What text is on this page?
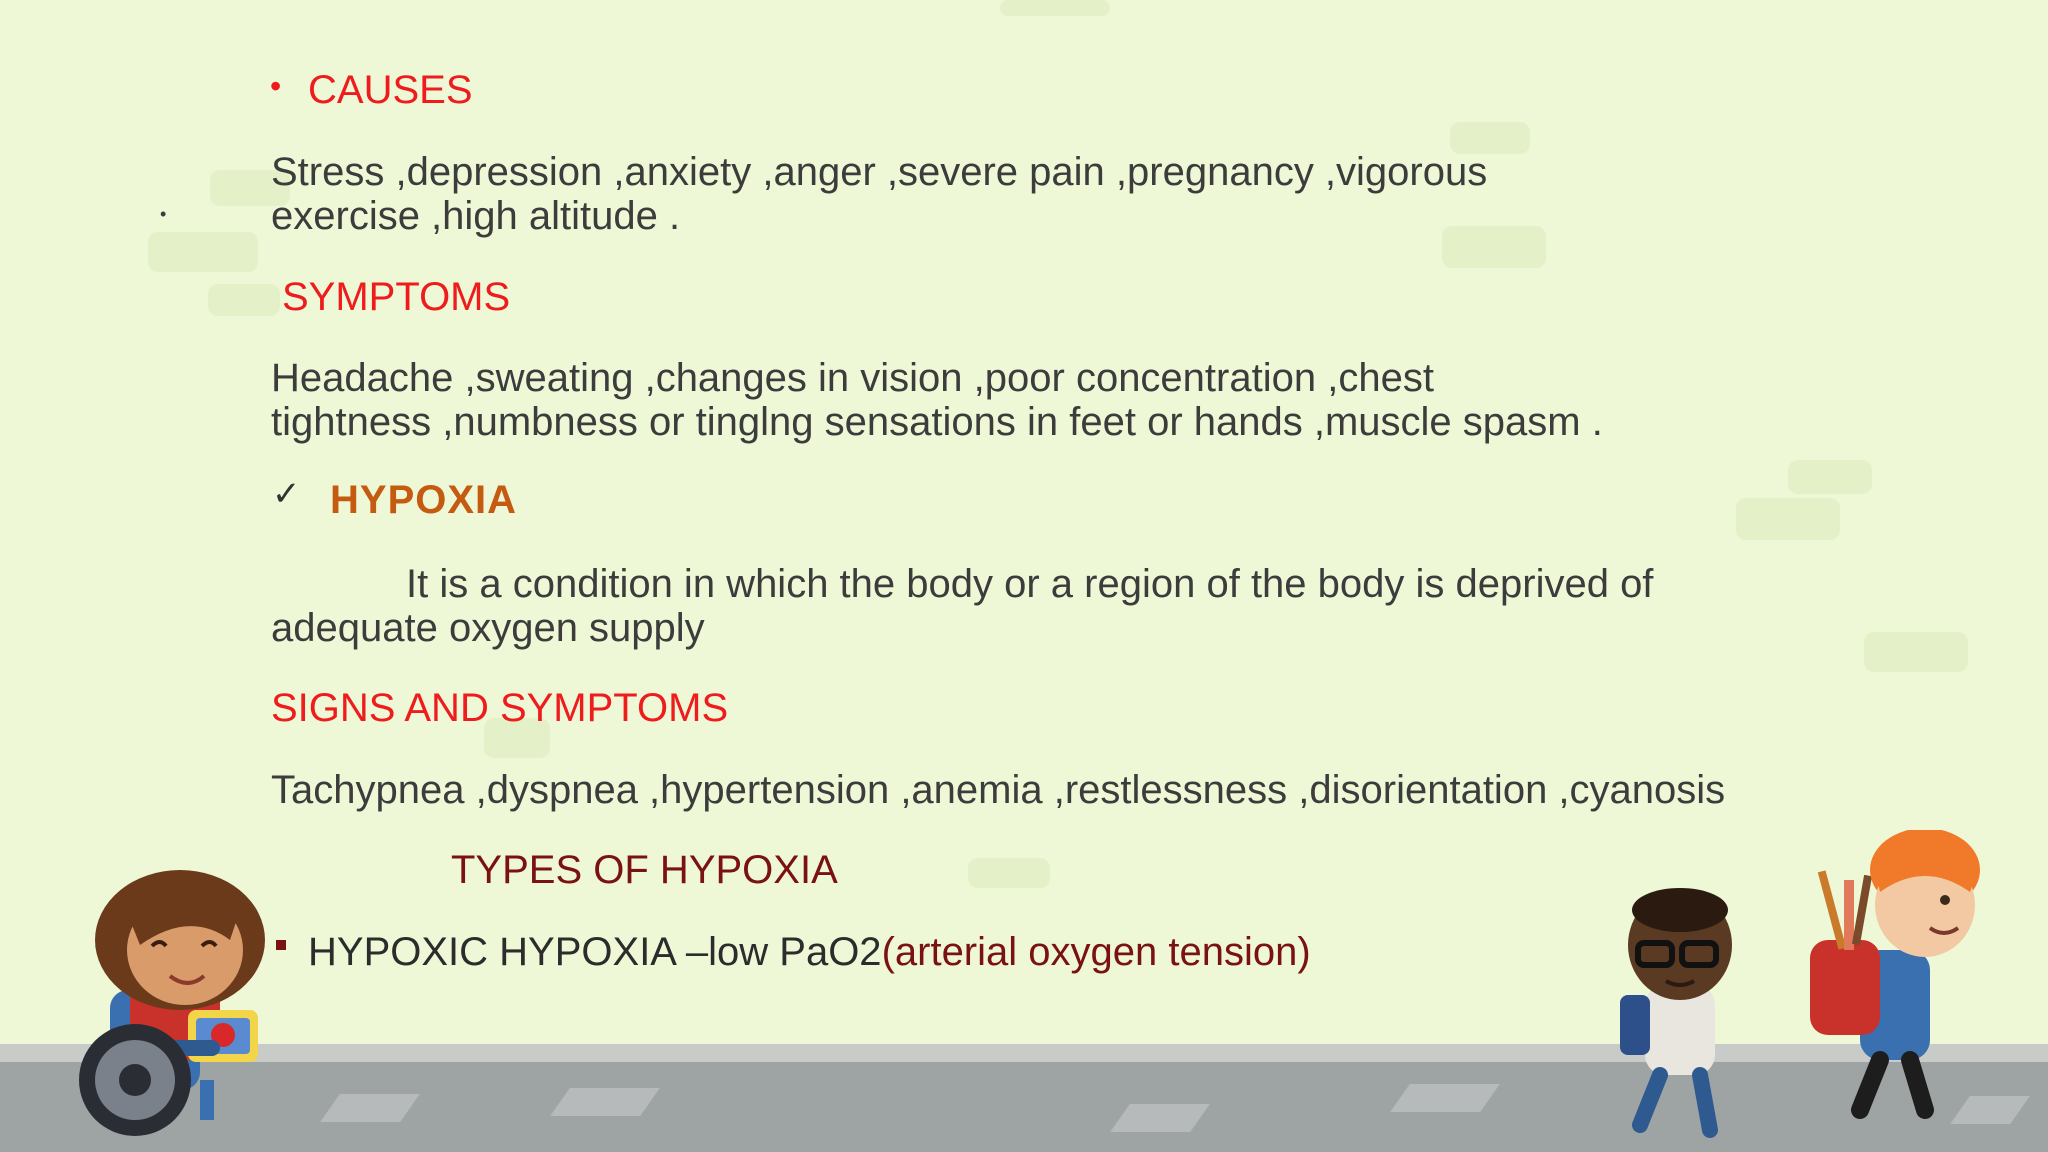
• CAUSES
•
Stress ,depression ,anxiety ,anger ,severe pain ,pregnancy ,vigorous
exercise ,high altitude .
SYMPTOMS
Headache ,sweating ,changes in vision ,poor concentration ,chest
tightness ,numbness or tinglng sensations in feet or hands ,muscle spasm .
✓ HYPOXIA
It is a condition in which the body or a region of the body is deprived of
adequate oxygen supply
SIGNS AND SYMPTOMS
Tachypnea ,dyspnea ,hypertension ,anemia ,restlessness ,disorientation ,cyanosis
TYPES OF HYPOXIA
HYPOXIC HYPOXIA –low PaO2(arterial oxygen tension)
